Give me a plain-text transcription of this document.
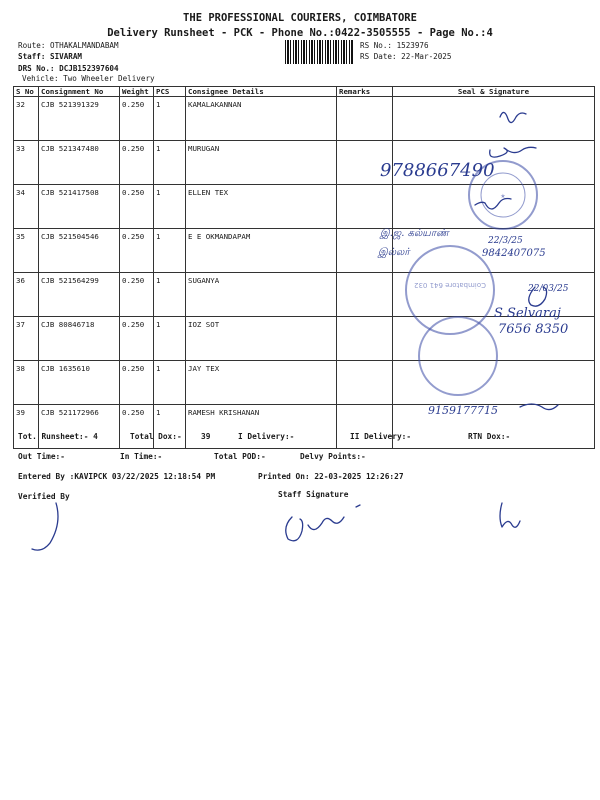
THE PROFESSIONAL COURIERS, COIMBATORE
Delivery Runsheet - PCK - Phone No.:0422-3505555 - Page No.:4
Route: OTHAKALMANDABAM
Staff: SIVARAM
DRS No.: DCJB152397604
Vehicle: Two Wheeler Delivery
RS No.: 1523976
RS Date: 22-Mar-2025
S No	Consignment No	Weight	PCS	Consignee Details	Remarks	Seal & Signature
32	CJB 521391329	0.250	1	KAMALAKANNAN		
33	CJB 521347480	0.250	1	MURUGAN		
34	CJB 521417508	0.250	1	ELLEN TEX		
35	CJB 521504546	0.250	1	E E OKMANDAPAM		
36	CJB 521564299	0.250	1	SUGANYA		
37	CJB 80846718	0.250	1	IOZ SOT		
38	CJB 1635610	0.250	1	JAY TEX		
39	CJB 521172966	0.250	1	RAMESH KRISHANAN		
★
Coimbatore 641 032
9788667490
இ.ஜ. கல்யாண்
22/3/25
இல்லர்	9842407075
22/03/25
S Selvaraj
7656 8350
9159177715
Tot. Runsheet:- 4	Total Dox:- 39	I Delivery:-	II Delivery:-	RTN Dox:-
Out Time:-	In Time:-	Total POD:-	Delvy Points:-
Entered By :KAVIPCK 03/22/2025 12:18:54 PM	Printed On: 22-03-2025 12:26:27
Verified By	Staff Signature
